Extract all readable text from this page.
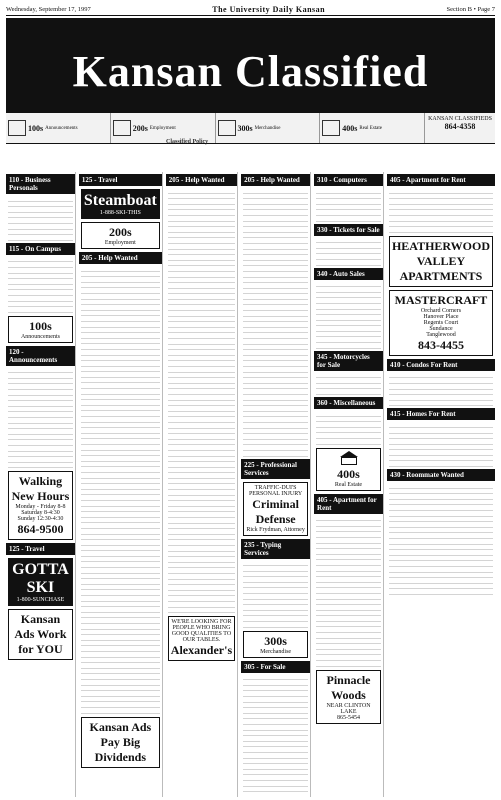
Wednesday, September 17, 1997	The University Daily Kansan	Section B • Page 7
Kansan Classified
100s Announcements	200s Employment	300s Merchandise	400s Real Estate
KANSAN CLASSIFIEDS
864-4358
Classified Policy
110 - Business Personals
115 - On Campus
100s
Announcements
120 - Announcements
Walking
New Hours
Monday - Friday 8-8
Saturday 8-4:30
Sunday 12:30-4:30
864-9500
125 - Travel
GOTTA SKI
1-800-SUNCHASE
Kansan Ads Work for YOU
125 - Travel
Steamboat
1-888-SKI-THIS
200s
Employment
205 - Help Wanted
Kansan Ads Pay Big Dividends
205 - Help Wanted
WE'RE LOOKING FOR PEOPLE WHO BRING GOOD QUALITIES TO OUR TABLES.
Alexander's
205 - Help Wanted
225 - Professional Services
TRAFFIC-DUI'S PERSONAL INJURY
Criminal Defense
Rick Frydman, Attorney
235 - Typing Services
300s
Merchandise
305 - For Sale
310 - Computers
330 - Tickets for Sale
340 - Auto Sales
345 - Motorcycles for Sale
360 - Miscellaneous
400s
Real Estate
405 - Apartment for Rent
Pinnacle Woods
NEAR CLINTON LAKE
865-5454
405 - Apartment for Rent
HEATHERWOOD VALLEY APARTMENTS
MASTERCRAFT
Orchard Corners
Hanover Place
Regents Court
Sundance
Tanglewood
843-4455
410 - Condos For Rent
415 - Homes For Rent
430 - Roommate Wanted
